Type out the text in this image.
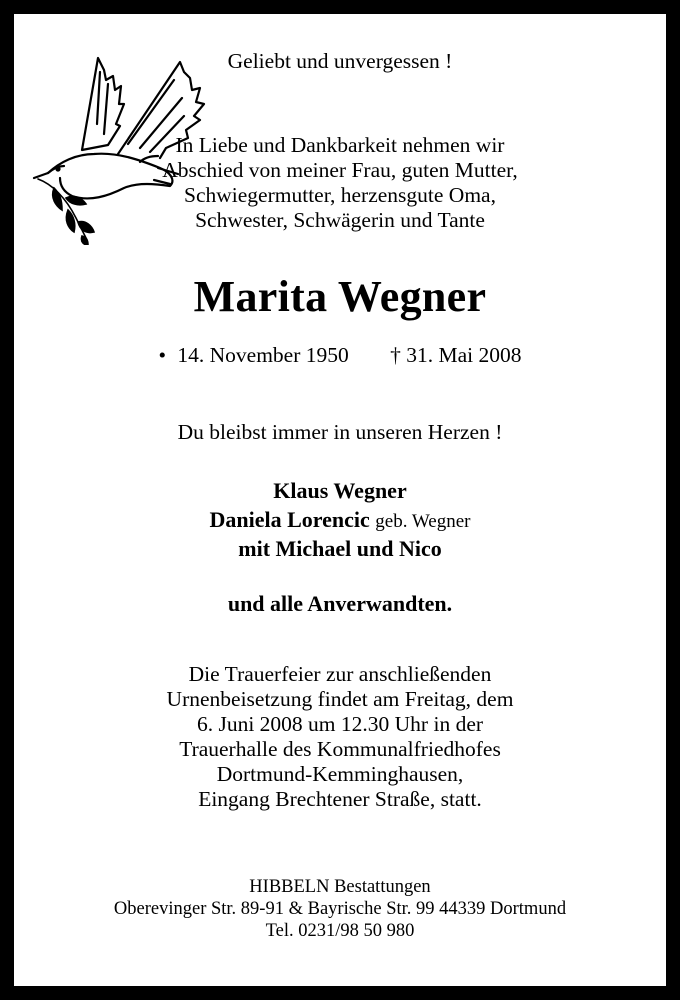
Geliebt und unvergessen !
In Liebe und Dankbarkeit nehmen wir
Abschied von meiner Frau, guten Mutter,
Schwiegermutter, herzensgute Oma,
Schwester, Schwägerin und Tante
Marita Wegner
• 14. November 1950 † 31. Mai 2008
Du bleibst immer in unseren Herzen !
Klaus Wegner
Daniela Lorencic geb. Wegner
mit Michael und Nico
und alle Anverwandten.
Die Trauerfeier zur anschließenden
Urnenbeisetzung findet am Freitag, dem
6. Juni 2008 um 12.30 Uhr in der
Trauerhalle des Kommunalfriedhofes
Dortmund-Kemminghausen,
Eingang Brechtener Straße, statt.
HIBBELN Bestattungen
Oberevinger Str. 89-91 & Bayrische Str. 99 44339 Dortmund
Tel. 0231/98 50 980
